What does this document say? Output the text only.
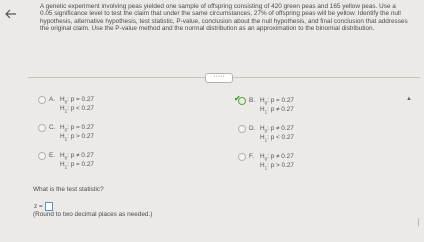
A genetic experiment involving peas yielded one sample of offspring consisting of 420 green peas and 165 yellow peas. Use a 0.05 significance level to test the claim that under the same circumstances, 27% of offspring peas will be yellow. Identify the null hypothesis, alternative hypothesis, test statistic, P-value, conclusion about the null hypothesis, and final conclusion that addresses the original claim. Use the P-value method and the normal distribution as an approximation to the binomial distribution.
·····
A. $H_0$: p = 0.27
$H_1$: p < 0.27
✔ B. $H_0$: p = 0.27
$H_1$: p ≠ 0.27
C. $H_0$: p = 0.27
$H_1$: p > 0.27
D. $H_0$: p ≠ 0.27
$H_1$: p < 0.27
E. $H_0$: p ≠ 0.27
$H_1$: p = 0.27
F. $H_0$: p ≠ 0.27
$H_1$: p > 0.27
What is the test statistic?
z =
(Round to two decimal places as needed.)
▲
